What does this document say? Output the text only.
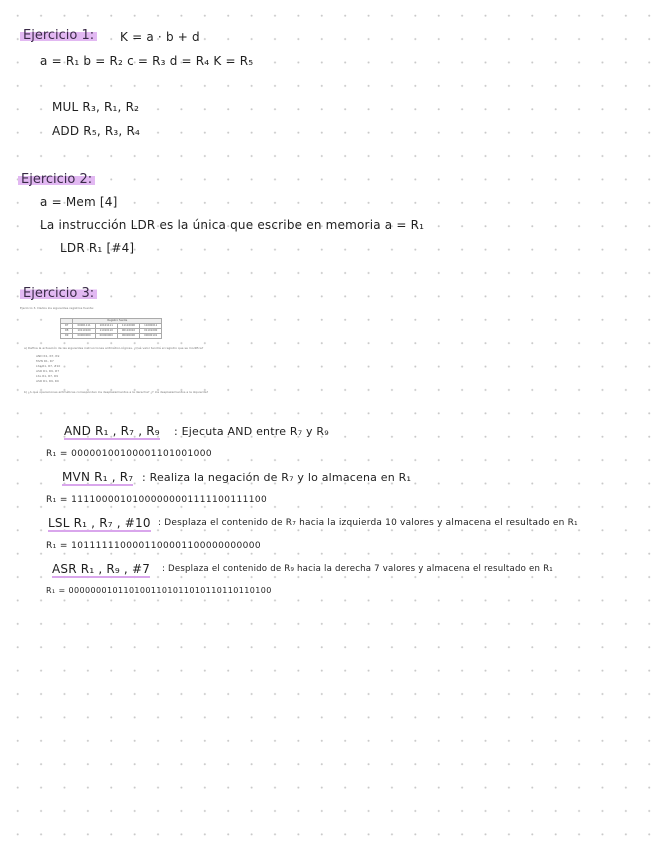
Ejercicio 1: K = a · b + d
a = R₁ b = R₂ c = R₃ d = R₄ K = R₅
MUL R₃, R₁, R₂
ADD R₅, R₃, R₄
Ejercicio 2:
a = Mem [4]
La instrucción LDR es la única que escribe en memoria a = R₁
LDR R₁ [#4]
Ejercicio 3:
Ejercicio 3. Dados los siguientes registros fuente:
	Registro fuente			
R7	00001111	10101111	11110000	11000011
R8	10110100	11010110	00110010	01101000
R9	00000000	00000000	00000000	00000101
a) Defina la actuación de las siguientes instrucciones aritmético-lógicas. ¿Qué valor tendrá el registro que se modifica?
AND R1, R7, R9
MVN R1, R7
LSL R1, R7, #10
ASR R1, R9, #7
LSL R1, R7, R9
ASR R1, R9, R9
b) ¿A qué operaciones aritméticas corresponden los desplazamientos a la derecha? ¿Y los desplazamientos a la izquierda?
AND R₁ , R₇ , R₉ : Ejecuta AND entre R₇ y R₉
R₁ = 00000100100001101001000
MVN R₁ , R₇ : Realiza la negación de R₇ y lo almacena en R₁
R₁ = 11110000101000000001111100111100
LSL R₁ , R₇ , #10 : Desplaza el contenido de R₇ hacia la izquierda 10 valores y almacena el resultado en R₁
R₁ = 1011111100001100001100000000000
ASR R₁ , R₉ , #7 : Desplaza el contenido de R₉ hacia la derecha 7 valores y almacena el resultado en R₁
R₁ = 0000000101101001101011010110110110100
